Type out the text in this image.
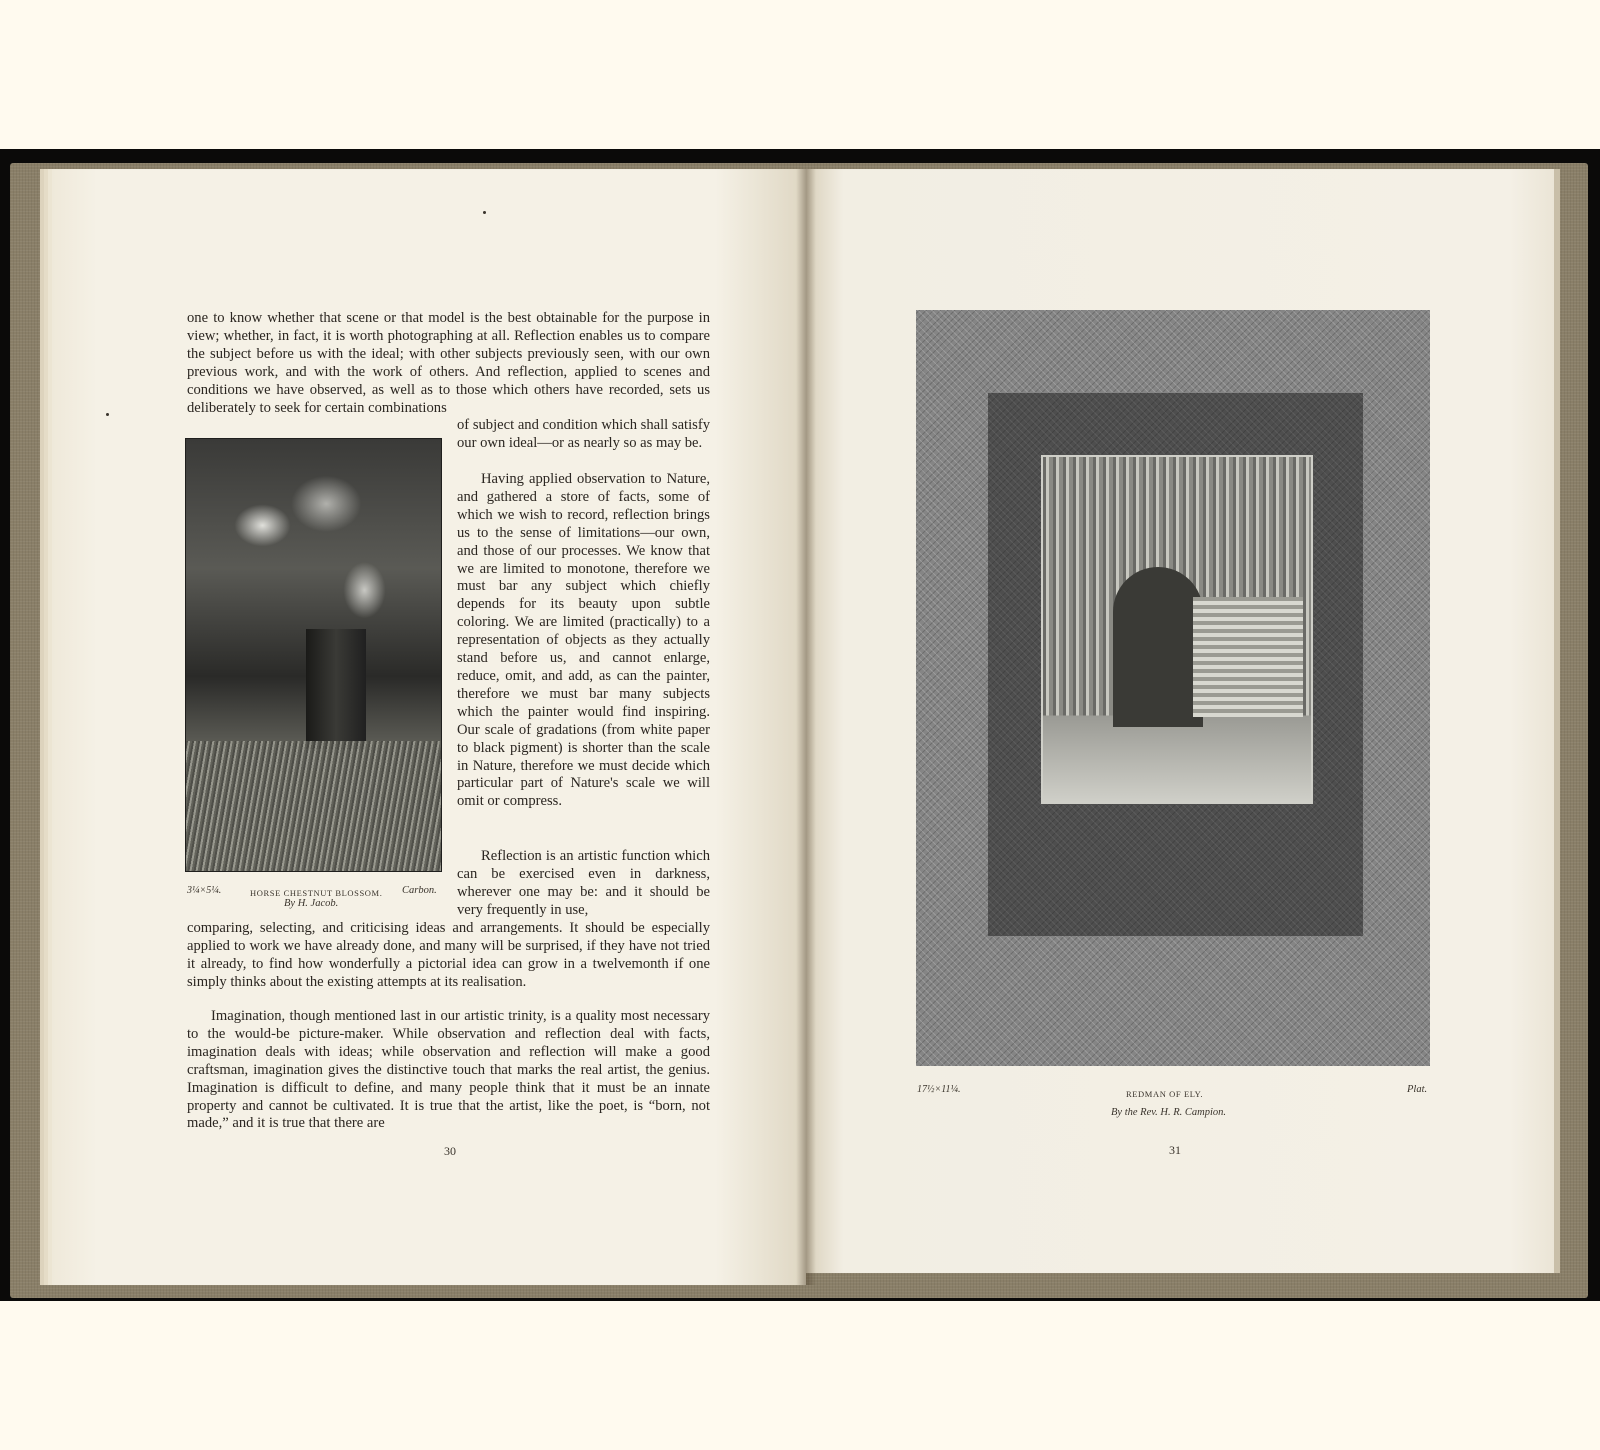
one to know whether that scene or that model is the best obtainable for the purpose in view; whether, in fact, it is worth photographing at all. Reflection enables us to compare the subject before us with the ideal; with other subjects previously seen, with our own previous work, and with the work of others. And reflection, applied to scenes and conditions we have observed, as well as to those which others have recorded, sets us deliberately to seek for certain combinations

of subject and condition which shall satisfy our own ideal—or as nearly so as may be.

Having applied observation to Nature, and gathered a store of facts, some of which we wish to record, reflection brings us to the sense of limitations—our own, and those of our processes. We know that we are limited to monotone, therefore we must bar any subject which chiefly depends for its beauty upon subtle coloring. We are limited (practically) to a representation of objects as they actually stand before us, and cannot enlarge, reduce, omit, and add, as can the painter, therefore we must bar many subjects which the painter would find inspiring. Our scale of gradations (from white paper to black pigment) is shorter than the scale in Nature, therefore we must decide which particular part of Nature's scale we will omit or compress.

Reflection is an artistic function which can be exercised even in darkness, wherever one may be: and it should be very frequently in use,

comparing, selecting, and criticising ideas and arrangements. It should be especially applied to work we have already done, and many will be surprised, if they have not tried it already, to find how wonderfully a pictorial idea can grow in a twelvemonth if one simply thinks about the existing attempts at its realisation.

Imagination, though mentioned last in our artistic trinity, is a quality most necessary to the would-be picture-maker. While observation and reflection deal with facts, imagination deals with ideas; while observation and reflection will make a good craftsman, imagination gives the distinctive touch that marks the real artist, the genius. Imagination is difficult to define, and many people think that it must be an innate property and cannot be cultivated. It is true that the artist, like the poet, is “born, not made,” and it is true that there are

3¼×5¼.	HORSE CHESTNUT BLOSSOM. Carbon.
By H. Jacob.
30
17½×11¼.	REDMAN OF ELY.	Plat.
By the Rev. H. R. Campion.
31
